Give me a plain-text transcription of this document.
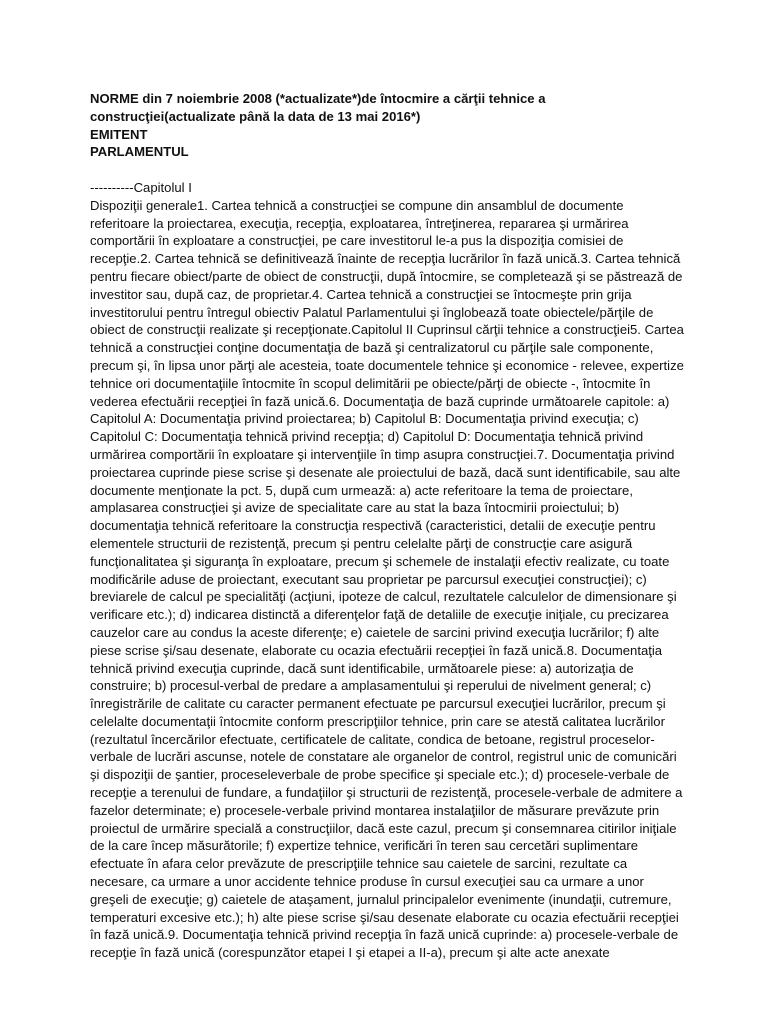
NORME din 7 noiembrie 2008 (*actualizate*)de întocmire a cărţii tehnice a construcţiei(actualizate până la data de 13 mai 2016*)

EMITENT

PARLAMENTUL

----------Capitolul I

Dispoziţii generale1. Cartea tehnică a construcţiei se compune din ansamblul de documente referitoare la proiectarea, execuţia, recepţia, exploatarea, întreţinerea, repararea şi urmărirea comportării în exploatare a construcţiei, pe care investitorul le-a pus la dispoziţia comisiei de recepţie.2. Cartea tehnică se definitivează înainte de recepţia lucrărilor în fază unică.3. Cartea tehnică pentru fiecare obiect/parte de obiect de construcţii, după întocmire, se completează şi se păstrează de investitor sau, după caz, de proprietar.4. Cartea tehnică a construcţiei se întocmeşte prin grija investitorului pentru întregul obiectiv Palatul Parlamentului şi înglobează toate obiectele/părţile de obiect de construcţii realizate şi recepţionate.Capitolul II Cuprinsul cărţii tehnice a construcţiei5. Cartea tehnică a construcţiei conţine documentaţia de bază şi centralizatorul cu părţile sale componente, precum şi, în lipsa unor părţi ale acesteia, toate documentele tehnice şi economice - relevee, expertize tehnice ori documentaţiile întocmite în scopul delimitării pe obiecte/părţi de obiecte -, întocmite în vederea efectuării recepţiei în fază unică.6. Documentaţia de bază cuprinde următoarele capitole: a) Capitolul A: Documentaţia privind proiectarea; b) Capitolul B: Documentaţia privind execuţia; c) Capitolul C: Documentaţia tehnică privind recepţia; d) Capitolul D: Documentaţia tehnică privind urmărirea comportării în exploatare şi intervenţiile în timp asupra construcţiei.7. Documentaţia privind proiectarea cuprinde piese scrise şi desenate ale proiectului de bază, dacă sunt identificabile, sau alte documente menţionate la pct. 5, după cum urmează: a) acte referitoare la tema de proiectare, amplasarea construcţiei şi avize de specialitate care au stat la baza întocmirii proiectului; b) documentaţia tehnică referitoare la construcţia respectivă (caracteristici, detalii de execuţie pentru elementele structurii de rezistenţă, precum şi pentru celelalte părţi de construcţie care asigură funcţionalitatea şi siguranţa în exploatare, precum şi schemele de instalaţii efectiv realizate, cu toate modificările aduse de proiectant, executant sau proprietar pe parcursul execuţiei construcţiei); c) breviarele de calcul pe specialităţi (acţiuni, ipoteze de calcul, rezultatele calculelor de dimensionare şi verificare etc.); d) indicarea distinctă a diferenţelor faţă de detaliile de execuţie iniţiale, cu precizarea cauzelor care au condus la aceste diferenţe; e) caietele de sarcini privind execuţia lucrărilor; f) alte piese scrise şi/sau desenate, elaborate cu ocazia efectuării recepţiei în fază unică.8. Documentaţia tehnică privind execuţia cuprinde, dacă sunt identificabile, următoarele piese: a) autorizaţia de construire; b) procesul-verbal de predare a amplasamentului şi reperului de nivelment general; c) înregistrările de calitate cu caracter permanent efectuate pe parcursul execuţiei lucrărilor, precum şi celelalte documentaţii întocmite conform prescripţiilor tehnice, prin care se atestă calitatea lucrărilor (rezultatul încercărilor efectuate, certificatele de calitate, condica de betoane, registrul proceselor-verbale de lucrări ascunse, notele de constatare ale organelor de control, registrul unic de comunicări şi dispoziţii de şantier, proceseleverbale de probe specifice şi speciale etc.); d) procesele-verbale de recepţie a terenului de fundare, a fundaţiilor şi structurii de rezistenţă, procesele-verbale de admitere a fazelor determinate; e) procesele-verbale privind montarea instalaţiilor de măsurare prevăzute prin proiectul de urmărire specială a construcţiilor, dacă este cazul, precum şi consemnarea citirilor iniţiale de la care încep măsurătorile; f) expertize tehnice, verificări în teren sau cercetări suplimentare efectuate în afara celor prevăzute de prescripţiile tehnice sau caietele de sarcini, rezultate ca necesare, ca urmare a unor accidente tehnice produse în cursul execuţiei sau ca urmare a unor greşeli de execuţie; g) caietele de ataşament, jurnalul principalelor evenimente (inundaţii, cutremure, temperaturi excesive etc.); h) alte piese scrise şi/sau desenate elaborate cu ocazia efectuării recepţiei în fază unică.9. Documentaţia tehnică privind recepţia în fază unică cuprinde: a) procesele-verbale de recepţie în fază unică (corespunzător etapei I şi etapei a II-a), precum şi alte acte anexate
